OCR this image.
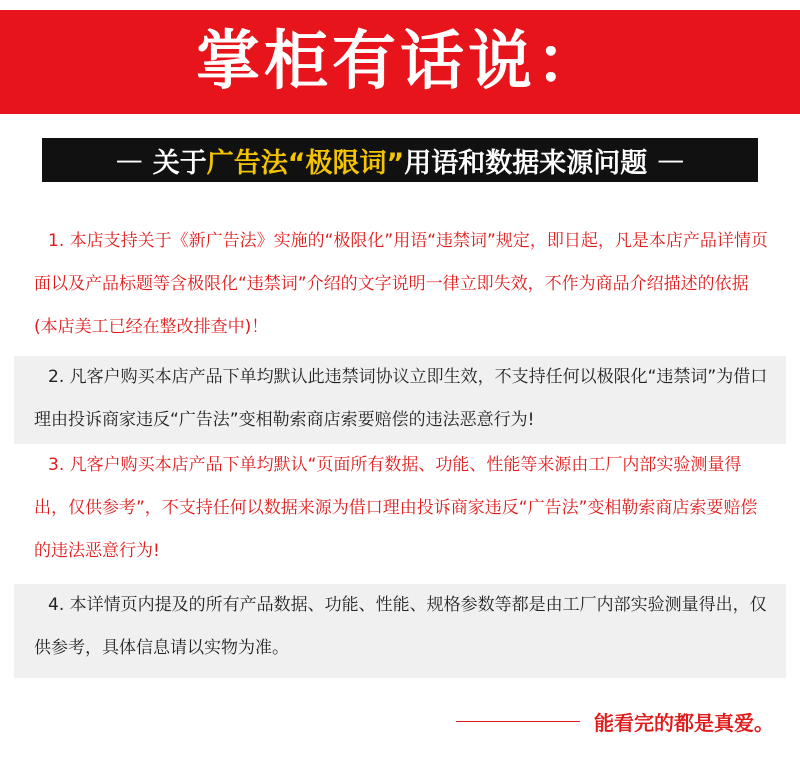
掌柜有话说：
— 关于 广告法“极限词” 用语和数据来源问题 —

1. 本店支持关于《新广告法》实施的“极限化”用语“违禁词”规定，即日起，凡是本店产品详情页面以及产品标题等含极限化“违禁词”介绍的文字说明一律立即失效，不作为商品介绍描述的依据(本店美工已经在整改排查中)！

2. 凡客户购买本店产品下单均默认此违禁词协议立即生效，不支持任何以极限化“违禁词”为借口理由投诉商家违反“广告法”变相勒索商店索要赔偿的违法恶意行为!

3. 凡客户购买本店产品下单均默认“页面所有数据、功能、性能等来源由工厂内部实验测量得出，仅供参考”，不支持任何以数据来源为借口理由投诉商家违反“广告法”变相勒索商店索要赔偿的违法恶意行为!

4. 本详情页内提及的所有产品数据、功能、性能、规格参数等都是由工厂内部实验测量得出，仅供参考，具体信息请以实物为准。

能看完的都是真爱。
